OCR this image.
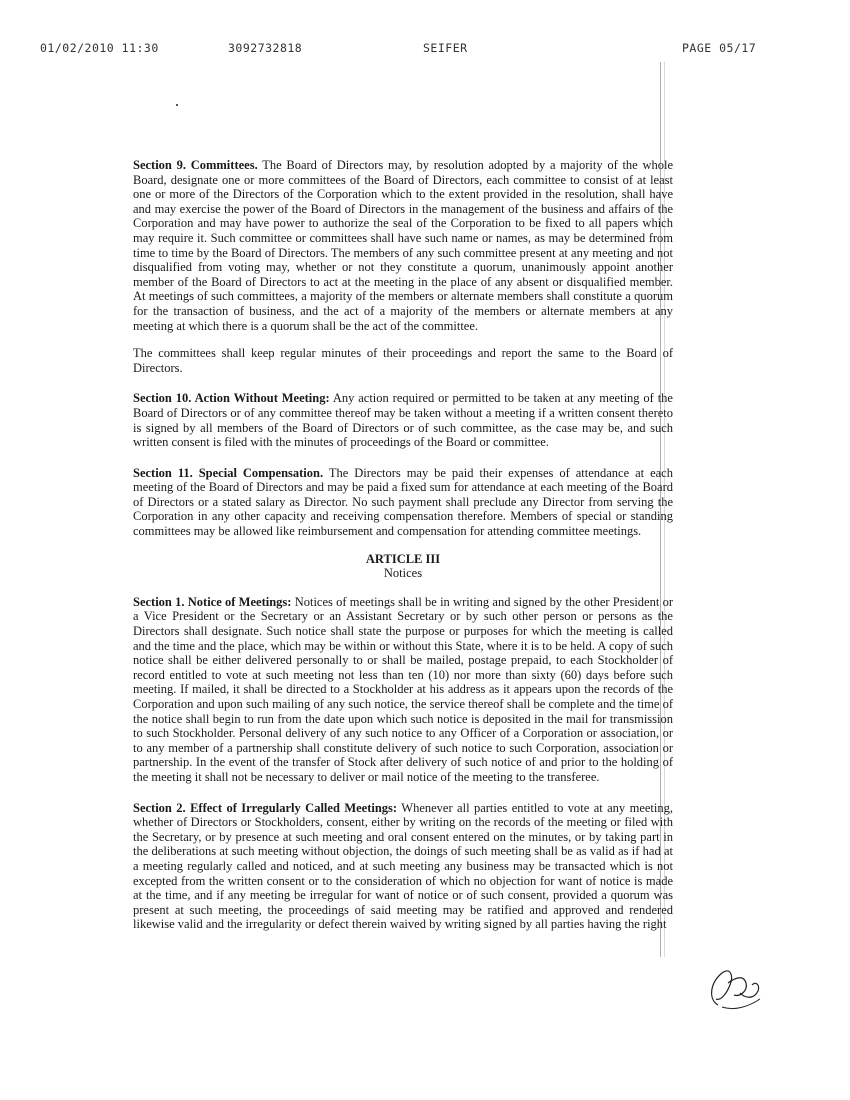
01/02/2010 11:30	3092732818	SEIFER	PAGE 05/17

Section 9. Committees. The Board of Directors may, by resolution adopted by a majority of the whole Board, designate one or more committees of the Board of Directors, each committee to consist of at least one or more of the Directors of the Corporation which to the extent provided in the resolution, shall have and may exercise the power of the Board of Directors in the management of the business and affairs of the Corporation and may have power to authorize the seal of the Corporation to be fixed to all papers which may require it. Such committee or committees shall have such name or names, as may be determined from time to time by the Board of Directors. The members of any such committee present at any meeting and not disqualified from voting may, whether or not they constitute a quorum, unanimously appoint another member of the Board of Directors to act at the meeting in the place of any absent or disqualified member. At meetings of such committees, a majority of the members or alternate members shall constitute a quorum for the transaction of business, and the act of a majority of the members or alternate members at any meeting at which there is a quorum shall be the act of the committee.

The committees shall keep regular minutes of their proceedings and report the same to the Board of Directors.

Section 10. Action Without Meeting: Any action required or permitted to be taken at any meeting of the Board of Directors or of any committee thereof may be taken without a meeting if a written consent thereto is signed by all members of the Board of Directors or of such committee, as the case may be, and such written consent is filed with the minutes of proceedings of the Board or committee.

Section 11. Special Compensation. The Directors may be paid their expenses of attendance at each meeting of the Board of Directors and may be paid a fixed sum for attendance at each meeting of the Board of Directors or a stated salary as Director. No such payment shall preclude any Director from serving the Corporation in any other capacity and receiving compensation therefore. Members of special or standing committees may be allowed like reimbursement and compensation for attending committee meetings.

ARTICLE III
Notices

Section 1. Notice of Meetings: Notices of meetings shall be in writing and signed by the other President or a Vice President or the Secretary or an Assistant Secretary or by such other person or persons as the Directors shall designate. Such notice shall state the purpose or purposes for which the meeting is called and the time and the place, which may be within or without this State, where it is to be held. A copy of such notice shall be either delivered personally to or shall be mailed, postage prepaid, to each Stockholder of record entitled to vote at such meeting not less than ten (10) nor more than sixty (60) days before such meeting. If mailed, it shall be directed to a Stockholder at his address as it appears upon the records of the Corporation and upon such mailing of any such notice, the service thereof shall be complete and the time of the notice shall begin to run from the date upon which such notice is deposited in the mail for transmission to such Stockholder. Personal delivery of any such notice to any Officer of a Corporation or association, or to any member of a partnership shall constitute delivery of such notice to such Corporation, association or partnership. In the event of the transfer of Stock after delivery of such notice of and prior to the holding of the meeting it shall not be necessary to deliver or mail notice of the meeting to the transferee.

Section 2. Effect of Irregularly Called Meetings: Whenever all parties entitled to vote at any meeting, whether of Directors or Stockholders, consent, either by writing on the records of the meeting or filed with the Secretary, or by presence at such meeting and oral consent entered on the minutes, or by taking part in the deliberations at such meeting without objection, the doings of such meeting shall be as valid as if had at a meeting regularly called and noticed, and at such meeting any business may be transacted which is not excepted from the written consent or to the consideration of which no objection for want of notice is made at the time, and if any meeting be irregular for want of notice or of such consent, provided a quorum was present at such meeting, the proceedings of said meeting may be ratified and approved and rendered likewise valid and the irregularity or defect therein waived by writing signed by all parties having the right
